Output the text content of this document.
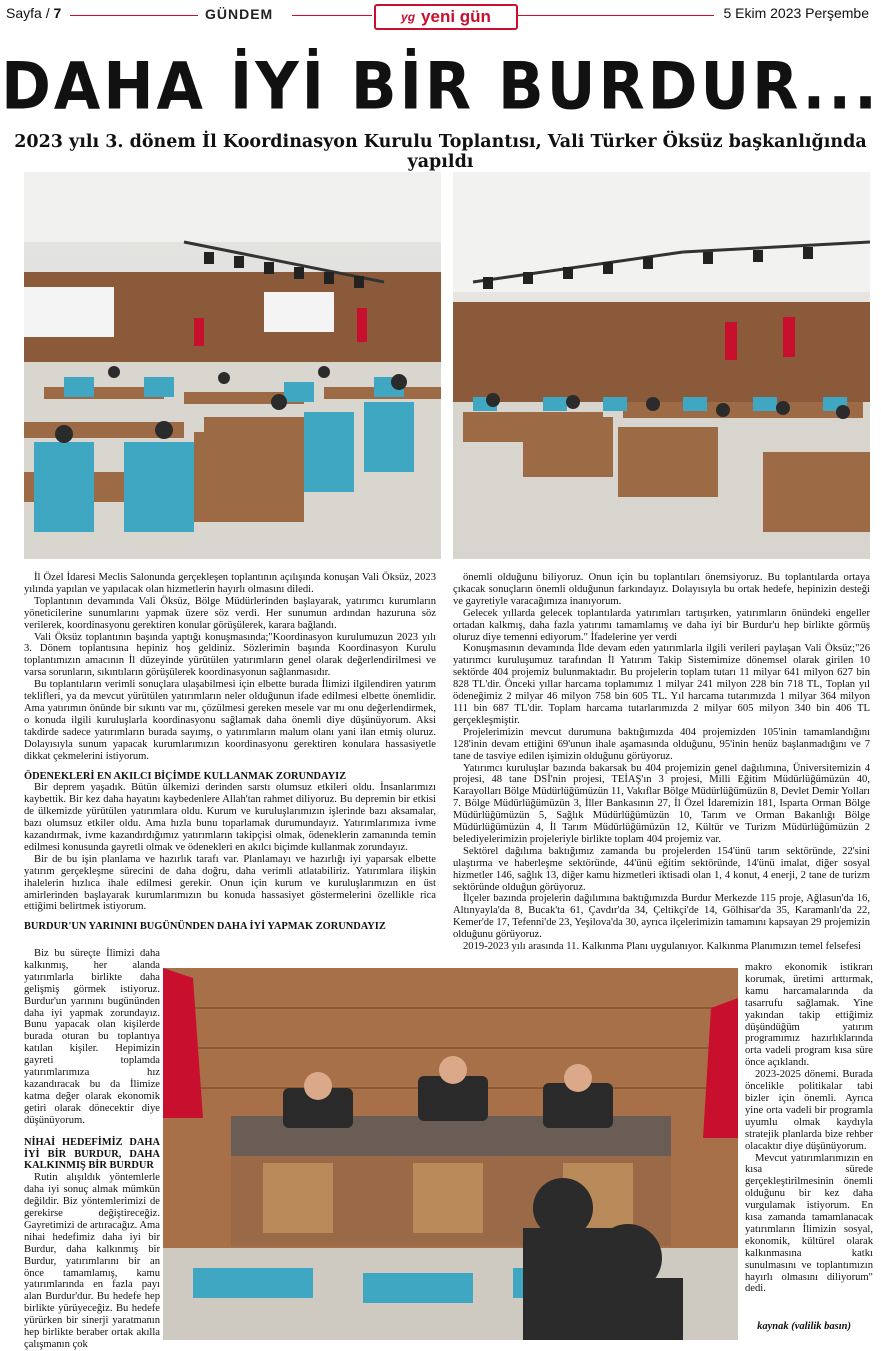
Sayfa / 7	GÜNDEM	yg yeni gün	5 Ekim 2023 Perşembe
DAHA İYİ BİR BURDUR...
2023 yılı 3. dönem İl Koordinasyon Kurulu Toplantısı, Vali Türker Öksüz başkanlığında yapıldı

İl Özel İdaresi Meclis Salonunda gerçekleşen toplantının açılışında konuşan Vali Öksüz, 2023 yılında yapılan ve yapılacak olan hizmetlerin hayırlı olmasını diledi.

Toplantının devamında Vali Öksüz, Bölge Müdürlerinden başlayarak, yatırımcı kurumların yöneticilerine sunumlarını yapmak üzere söz verdi. Her sunumun ardından hazuruna söz verilerek, koordinasyonu gerektiren konular görüşülerek, karara bağlandı.

Vali Öksüz toplantının başında yaptığı konuşmasında;"Koordinasyon kurulumuzun 2023 yılı 3. Dönem toplantısına hepiniz hoş geldiniz. Sözlerimin başında Koordinasyon Kurulu toplantımızın amacının İl düzeyinde yürütülen yatırımların genel olarak değerlendirilmesi ve varsa sorunların, sıkıntıların görüşülerek koordinasyonun sağlanmasıdır.

Bu toplantıların verimli sonuçlara ulaşabilmesi için elbette burada İlimizi ilgilendiren yatırım teklifleri, ya da mevcut yürütülen yatırımların neler olduğunun ifade edilmesi elbette önemlidir. Ama yatırımın önünde bir sıkıntı var mı, çözülmesi gereken mesele var mı onu değerlendirmek, o konuda ilgili kuruluşlarla koordinasyonu sağlamak daha önemli diye düşünüyorum. Aksi takdirde sadece yatırımların burada sayımş, o yatırımların malum olanı yani ilan etmiş oluruz. Dolayısıyla sunum yapacak kurumlarımızın koordinasyonu gerektiren konulara hassasiyetle dikkat çekmelerini istiyorum.

ÖDENEKLERİ EN AKILCI BİÇİMDE KULLANMAK ZORUNDAYIZ

Bir deprem yaşadık. Bütün ülkemizi derinden sarstı olumsuz etkileri oldu. İnsanlarımızı kaybettik. Bir kez daha hayatını kaybedenlere Allah'tan rahmet diliyoruz. Bu depremin bir etkisi de ülkemizde yürütülen yatırımlara oldu. Kurum ve kuruluşlarımızın işlerinde bazı aksamalar, bazı olumsuz etkiler oldu. Ama hızla bunu toparlamak durumundayız. Yatırımlarımıza ivme kazandırmak, ivme kazandırdığımız yatırımların takipçisi olmak, ödeneklerin zamanında temin edilmesi konusunda gayretli olmak ve ödenekleri en akılcı biçimde kullanmak zorundayız.

Bir de bu işin planlama ve hazırlık tarafı var. Planlamayı ve hazırlığı iyi yaparsak elbette yatırım gerçekleşme sürecini de daha doğru, daha verimli atlatabiliriz. Yatırımlara ilişkin ihalelerin hızlıca ihale edilmesi gerekir. Onun için kurum ve kuruluşlarımızın en üst amirlerinden başlayarak kurumlarımızın bu konuda hassasiyet göstermelerini özellikle rica ettiğimi belirtmek istiyorum.

BURDUR'UN YARININI BUGÜNÜNDEN DAHA İYİ YAPMAK ZORUNDAYIZ

Biz bu süreçte İlimizi daha kalkınmış, her alanda yatırımlarla birlikte daha gelişmiş görmek istiyoruz. Burdur'un yarınını bugününden daha iyi yapmak zorundayız. Bunu yapacak olan kişilerde burada oturan bu toplantıya katılan kişiler. Hepimizin gayreti toplamda yatırımlarımıza hız kazandıracak bu da İlimize katma değer olarak ekonomik getiri olarak dönecektir diye düşünüyorum.

NİHAİ HEDEFİMİZ DAHA İYİ BİR BURDUR, DAHA KALKINMIŞ BİR BURDUR

Rutin alışıldık yöntemlerle daha iyi sonuç almak mümkün değildir. Biz yöntemlerimizi de gerekirse değiştireceğiz. Gayretimizi de artıracağız. Ama nihai hedefimiz daha iyi bir Burdur, daha kalkınmış bir Burdur, yatırımlarını bir an önce tamamlamış, kamu yatırımlarında en fazla payı alan Burdur'dur. Bu hedefe hep birlikte yürüyeceğiz. Bu hedefe yürürken bir sinerji yaratmanın hep birlikte beraber ortak akılla çalışmanın çok

önemli olduğunu biliyoruz. Onun için bu toplantıları önemsiyoruz. Bu toplantılarda ortaya çıkacak sonuçların önemli olduğunun farkındayız. Dolayısıyla bu ortak hedefe, hepinizin desteği ve gayretiyle varacağımıza inanıyorum.

Gelecek yıllarda gelecek toplantılarda yatırımları tartışırken, yatırımların önündeki engeller ortadan kalkmış, daha fazla yatırımı tamamlamış ve daha iyi bir Burdur'u hep birlikte görmüş oluruz diye temenni ediyorum." İfadelerine yer verdi

Konuşmasının devamında İlde devam eden yatırımlarla ilgili verileri paylaşan Vali Öksüz;"26 yatırımcı kuruluşumuz tarafından İl Yatırım Takip Sistemimize dönemsel olarak girilen 10 sektörde 404 projemiz bulunmaktadır. Bu projelerin toplam tutarı 11 milyar 641 milyon 627 bin 828 TL'dir. Önceki yıllar harcama toplamımız 1 milyar 241 milyon 228 bin 718 TL, Toplan yıl ödeneğimiz 2 milyar 46 milyon 758 bin 605 TL. Yıl harcama tutarımızda 1 milyar 364 milyon 111 bin 687 TL'dir. Toplam harcama tutarlarımızda 2 milyar 605 milyon 340 bin 406 TL gerçekleşmiştir.

Projelerimizin mevcut durumuna baktığımızda 404 projemizden 105'inin tamamlandığını 128'inin devam ettiğini 69'unun ihale aşamasında olduğunu, 95'inin henüz başlanmadığını ve 7 tane de tasviye edilen işimizin olduğunu görüyoruz.

Yatırımcı kuruluşlar bazında bakarsak bu 404 projemizin genel dağılımına, Üniversitemizin 4 projesi, 48 tane DSİ'nin projesi, TEİAŞ'ın 3 projesi, Milli Eğitim Müdürlüğümüzün 40, Karayolları Bölge Müdürlüğümüzün 11, Vakıflar Bölge Müdürlüğümüzün 8, Devlet Demir Yolları 7. Bölge Müdürlüğümüzün 3, İller Bankasının 27, İl Özel İdaremizin 181, Isparta Orman Bölge Müdürlüğümüzün 5, Sağlık Müdürlüğümüzün 10, Tarım ve Orman Bakanlığı Bölge Müdürlüğümüzün 4, İl Tarım Müdürlüğümüzün 12, Kültür ve Turizm Müdürlüğümüzün 2 belediyelerimizin projeleriyle birlikte toplam 404 projemiz var.

Sektörel dağılıma baktığımız zamanda bu projelerden 154'ünü tarım sektöründe, 22'sini ulaştırma ve haberleşme sektöründe, 44'ünü eğitim sektöründe, 14'ünü imalat, diğer sosyal hizmetler 146, sağlık 13, diğer kamu hizmetleri iktisadi olan 1, 4 konut, 4 enerji, 2 tane de turizm sektöründe olduğun görüyoruz.

İlçeler bazında projelerin dağılımına baktığımızda Burdur Merkezde 115 proje, Ağlasun'da 16, Altınyayla'da 8, Bucak'ta 61, Çavdır'da 34, Çeltikçi'de 14, Gölhisar'da 35, Karamanlı'da 22, Kemer'de 17, Tefenni'de 23, Yeşilova'da 30, ayrıca ilçelerimizin tamamını kapsayan 29 projemizin olduğunu görüyoruz.

2019-2023 yılı arasında 11. Kalkınma Planı uygulanıyor. Kalkınma Planımızın temel felsefesi

makro ekonomik istikrarı korumak, üretimi arttırmak, kamu harcamalarında da tasarrufu sağlamak. Yine yakından takip ettiğimiz düşündüğüm yatırım programımız hazırlıklarında orta vadeli program kısa süre önce açıklandı.

2023-2025 dönemi. Burada öncelikle politikalar tabi bizler için önemli. Ayrıca yine orta vadeli bir programla uyumlu olmak kaydıyla stratejik planlarda bize rehber olacaktır diye düşünüyorum.

Mevcut yatırımlarımızın en kısa sürede gerçekleştirilmesinin önemli olduğunu bir kez daha vurgulamak istiyorum. En kısa zamanda tamamlanacak yatırımların İlimizin sosyal, ekonomik, kültürel olarak kalkınmasına katkı sunulmasını ve toplantımızın hayırlı olmasını diliyorum" dedi.

kaynak (valilik basın)
